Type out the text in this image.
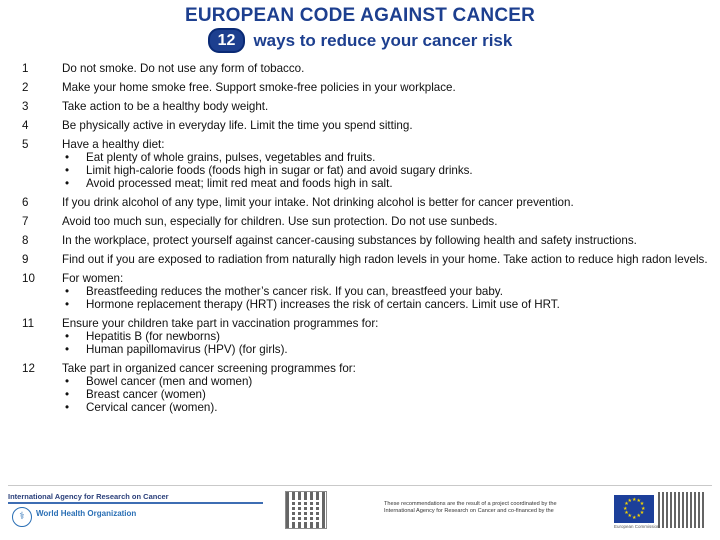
EUROPEAN CODE AGAINST CANCER
12	ways to reduce your cancer risk
1	Do not smoke. Do not use any form of tobacco.
2	Make your home smoke free. Support smoke-free policies in your workplace.
3	Take action to be a healthy body weight.
4	Be physically active in everyday life. Limit the time you spend sitting.
5	Have a healthy diet:
• Eat plenty of whole grains, pulses, vegetables and fruits.
• Limit high-calorie foods (foods high in sugar or fat) and avoid sugary drinks.
• Avoid processed meat; limit red meat and foods high in salt.
6	If you drink alcohol of any type, limit your intake. Not drinking alcohol is better for cancer prevention.
7	Avoid too much sun, especially for children. Use sun protection. Do not use sunbeds.
8	In the workplace, protect yourself against cancer-causing substances by following health and safety instructions.
9	Find out if you are exposed to radiation from naturally high radon levels in your home. Take action to reduce high radon levels.
10	For women:
• Breastfeeding reduces the mother’s cancer risk. If you can, breastfeed your baby.
• Hormone replacement therapy (HRT) increases the risk of certain cancers. Limit use of HRT.
11	Ensure your children take part in vaccination programmes for:
• Hepatitis B (for newborns)
• Human papillomavirus (HPV) (for girls).
12	Take part in organized cancer screening programmes for:
• Bowel cancer (men and women)
• Breast cancer (women)
• Cervical cancer (women).
International Agency for Research on Cancer
⚕	World Health Organization
These recommendations are the result of a project coordinated by the International Agency for Research on Cancer and co-financed by the	★
★
★
★
★
★
★
★
★ ★ ★
★
European Commission
